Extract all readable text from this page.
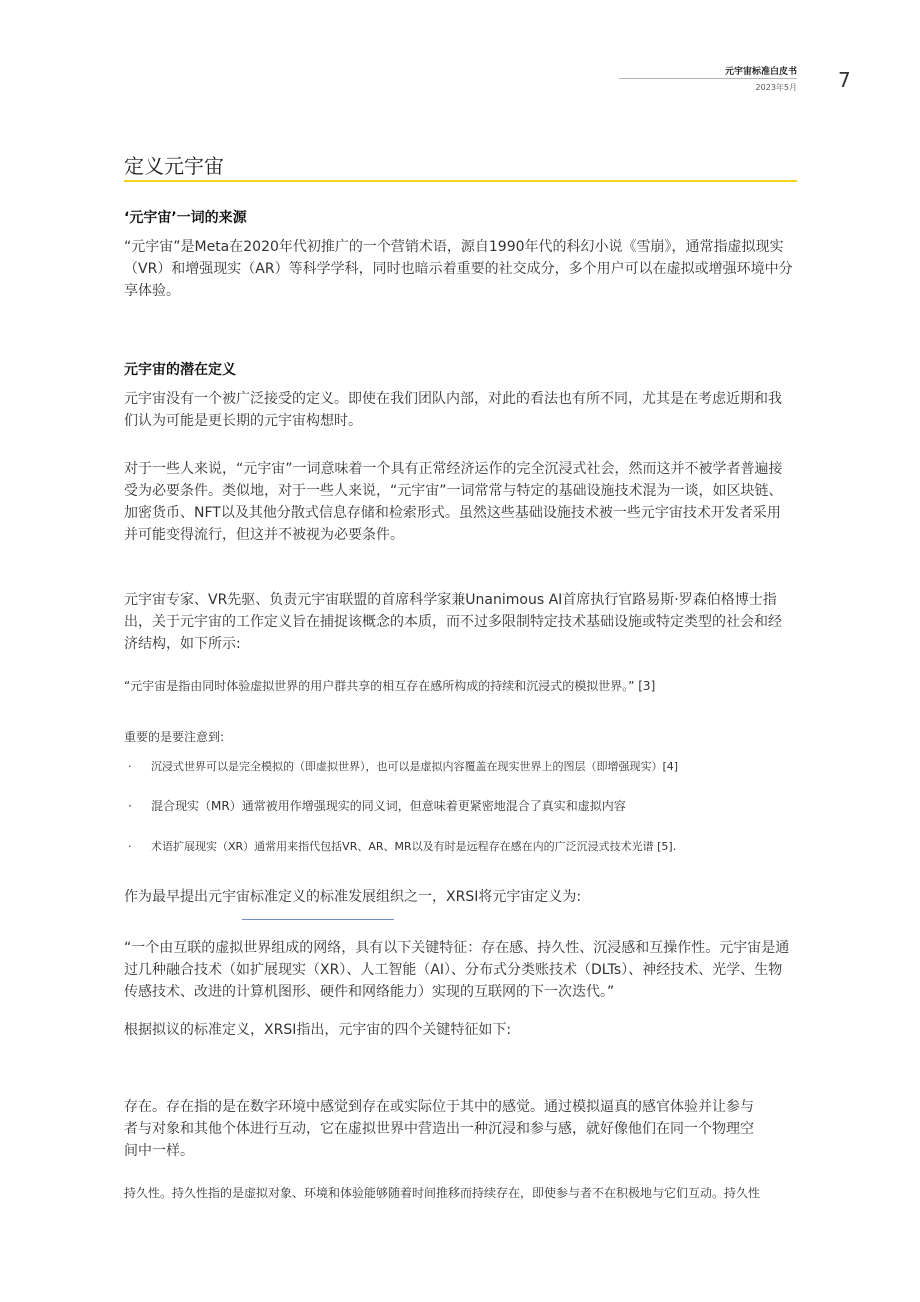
元宇宙标准白皮书
2023年5月 7
定义元宇宙
‘元宇宙’一词的来源

“元宇宙”是Meta在2020年代初推广的一个营销术语，源自1990年代的科幻小说《雪崩》，通常指虚拟现实（VR）和增强现实（AR）等科学学科，同时也暗示着重要的社交成分，多个用户可以在虚拟或增强环境中分享体验。

元宇宙的潜在定义

元宇宙没有一个被广泛接受的定义。即使在我们团队内部，对此的看法也有所不同，尤其是在考虑近期和我们认为可能是更长期的元宇宙构想时。

对于一些人来说，“元宇宙”一词意味着一个具有正常经济运作的完全沉浸式社会，然而这并不被学者普遍接受为必要条件。类似地，对于一些人来说，“元宇宙”一词常常与特定的基础设施技术混为一谈，如区块链、加密货币、NFT以及其他分散式信息存储和检索形式。虽然这些基础设施技术被一些元宇宙技术开发者采用并可能变得流行，但这并不被视为必要条件。

元宇宙专家、VR先驱、负责元宇宙联盟的首席科学家兼Unanimous AI首席执行官路易斯·罗森伯格博士指出，关于元宇宙的工作定义旨在捕捉该概念的本质，而不过多限制特定技术基础设施或特定类型的社会和经济结构，如下所示:

“元宇宙是指由同时体验虚拟世界的用户群共享的相互存在感所构成的持续和沉浸式的模拟世界。” [3]

重要的是要注意到:

· 沉浸式世界可以是完全模拟的（即虚拟世界），也可以是虚拟内容覆盖在现实世界上的图层（即增强现实）[4]
· 混合现实（MR）通常被用作增强现实的同义词，但意味着更紧密地混合了真实和虚拟内容
· 术语扩展现实（XR）通常用来指代包括VR、AR、MR以及有时是远程存在感在内的广泛沉浸式技术光谱 [5].

作为最早提出元宇宙标准定义的标准发展组织之一，XRSI将元宇宙定义为:

“一个由互联的虚拟世界组成的网络，具有以下关键特征：存在感、持久性、沉浸感和互操作性。元宇宙是通过几种融合技术（如扩展现实（XR）、人工智能（AI）、分布式分类账技术（DLTs）、神经技术、光学、生物传感技术、改进的计算机图形、硬件和网络能力）实现的互联网的下一次迭代。”

根据拟议的标准定义，XRSI指出，元宇宙的四个关键特征如下:

存在。存在指的是在数字环境中感觉到存在或实际位于其中的感觉。通过模拟逼真的感官体验并让参与者与对象和其他个体进行互动，它在虚拟世界中营造出一种沉浸和参与感，就好像他们在同一个物理空间中一样。

持久性。持久性指的是虚拟对象、环境和体验能够随着时间推移而持续存在，即使参与者不在积极地与它们互动。持久性
